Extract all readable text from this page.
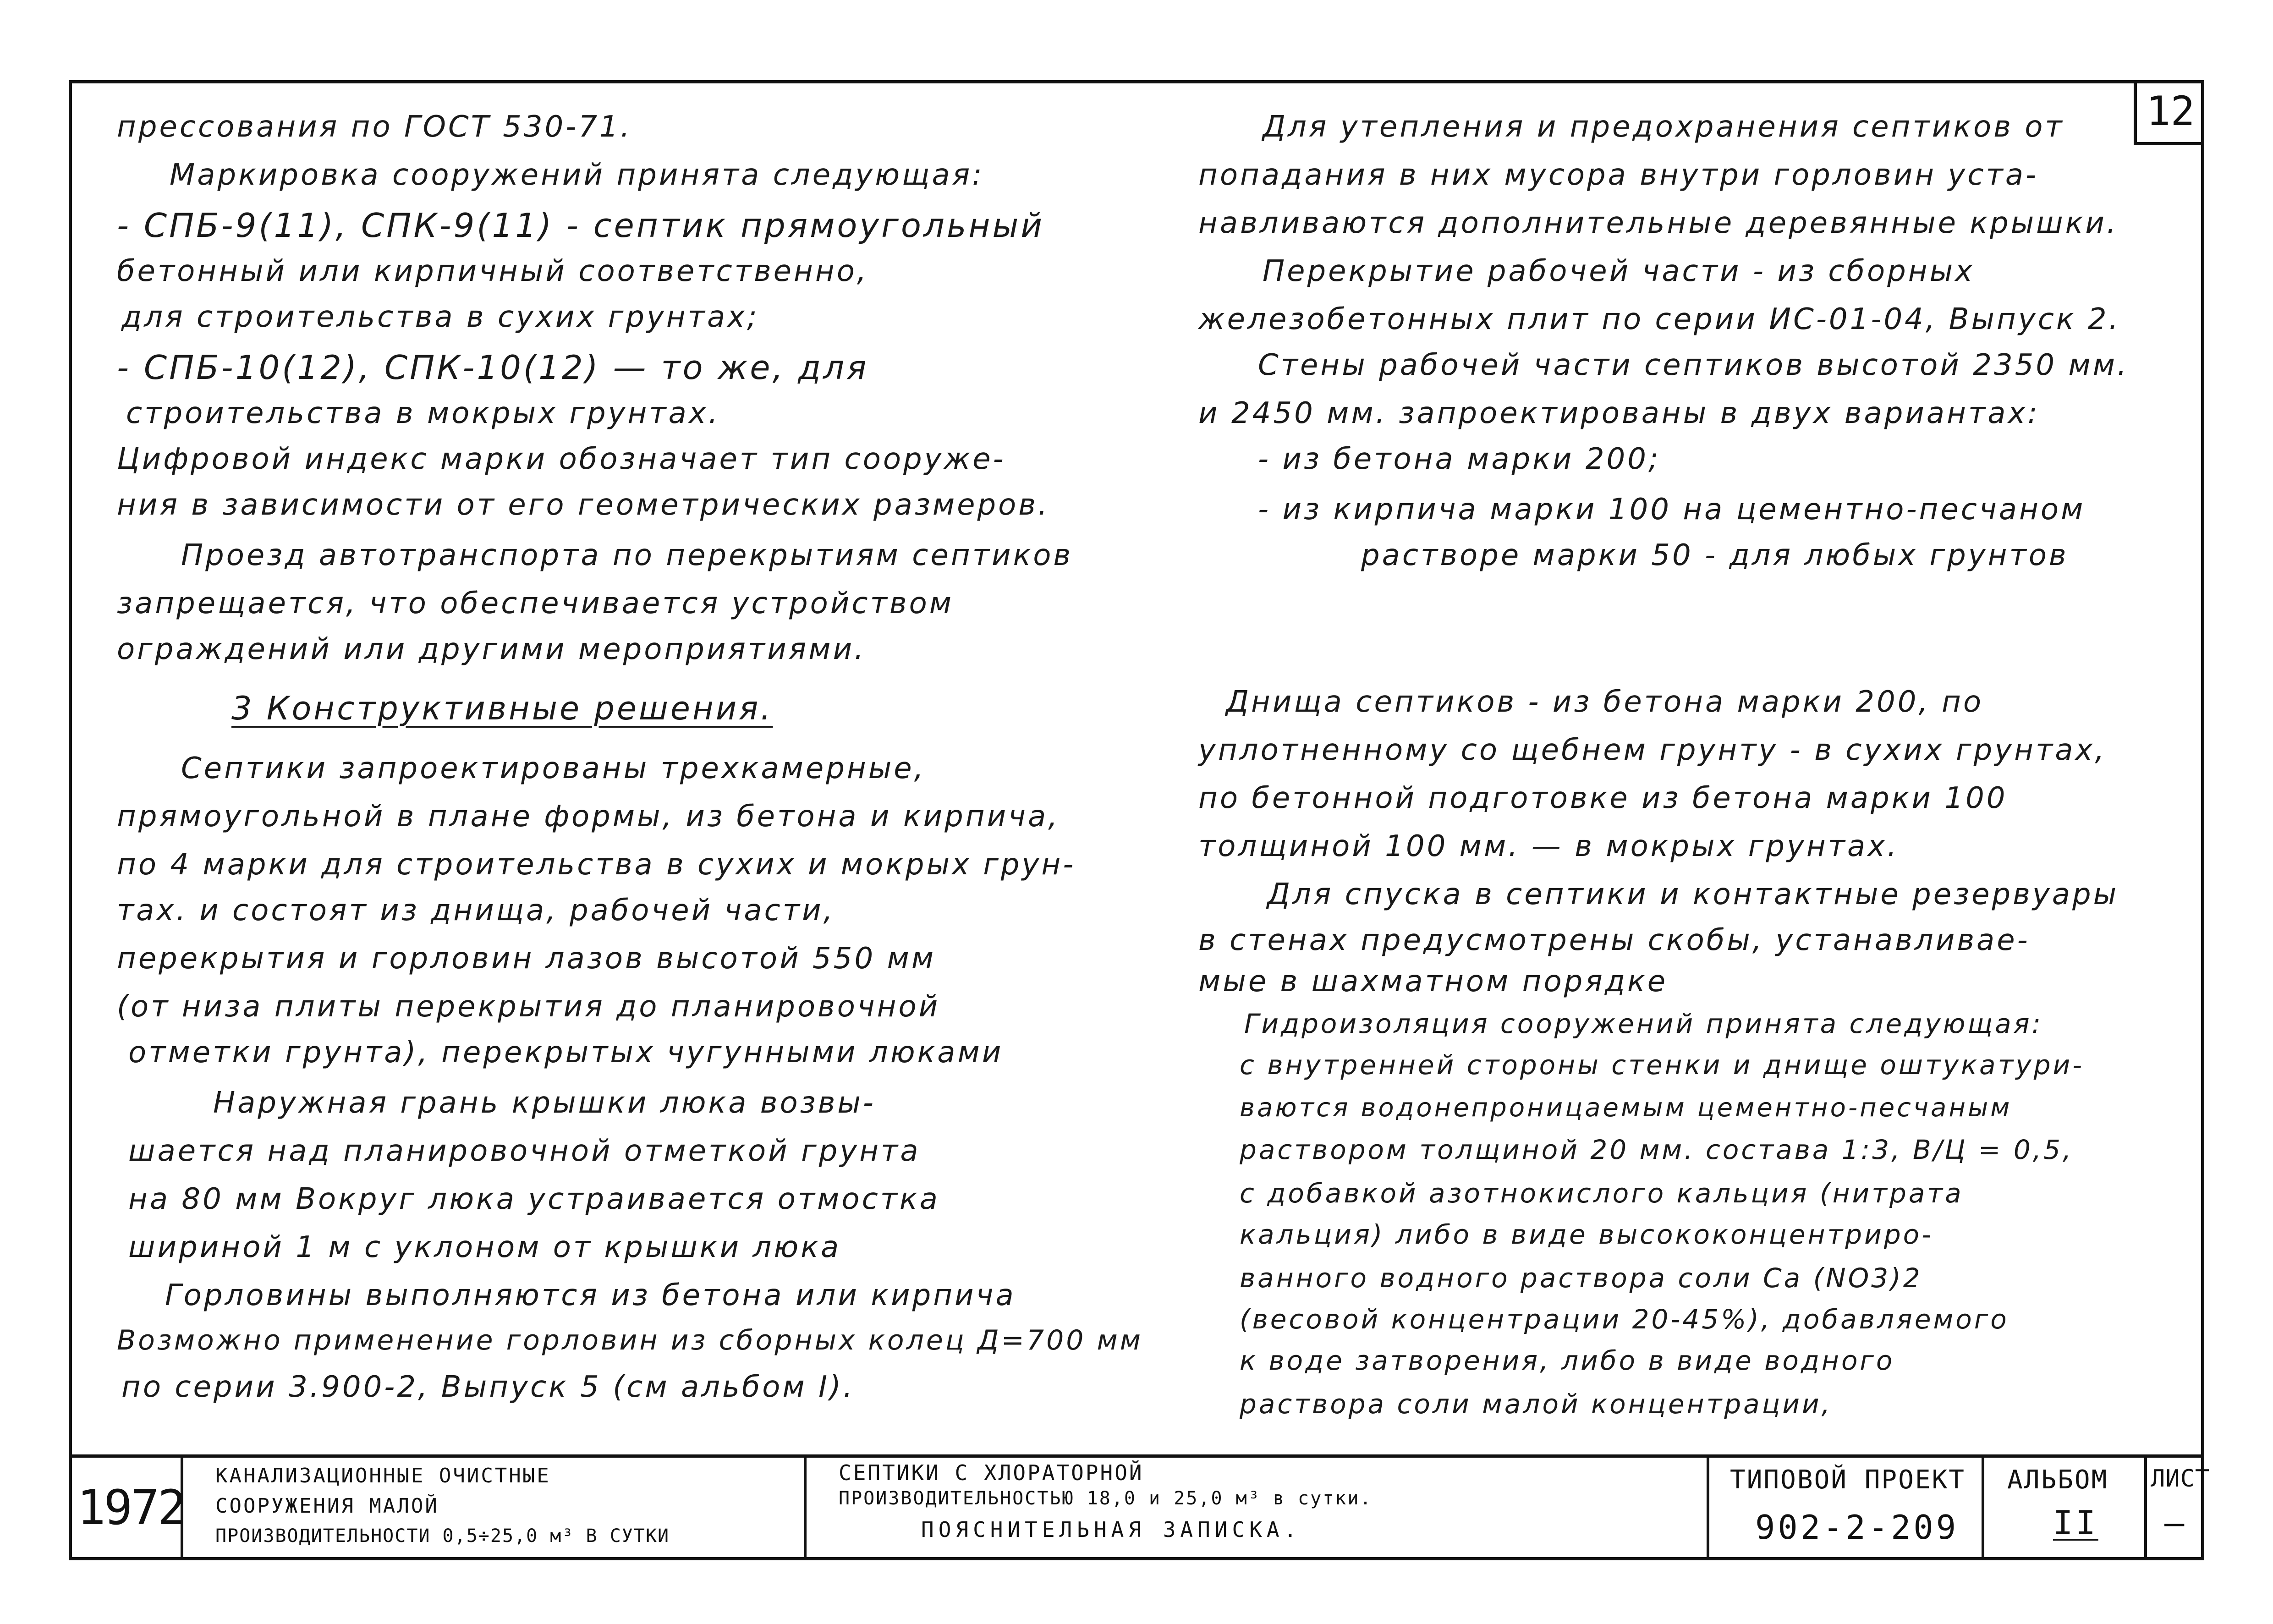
12
прессования по ГОСТ 530-71.
Маркировка сооружений принята следующая:
- СПБ-9(11), СПК-9(11) - септик прямоугольный
бетонный или кирпичный соответственно,
для строительства в сухих грунтах;
- СПБ-10(12), СПК-10(12) — то же, для
строительства в мокрых грунтах.
Цифровой индекс марки обозначает тип сооруже-
ния в зависимости от его геометрических размеров.
Проезд автотранспорта по перекрытиям септиков
запрещается, что обеспечивается устройством
ограждений или другими мероприятиями.
3 Конструктивные решения.
Септики запроектированы трехкамерные,
прямоугольной в плане формы, из бетона и кирпича,
по 4 марки для строительства в сухих и мокрых грун-
тах. и состоят из днища, рабочей части,
перекрытия и горловин лазов высотой 550 мм
(от низа плиты перекрытия до планировочной
отметки грунта), перекрытых чугунными люками
Наружная грань крышки люка возвы-
шается над планировочной отметкой грунта
на 80 мм Вокруг люка устраивается отмостка
шириной 1 м с уклоном от крышки люка
Горловины выполняются из бетона или кирпича
Возможно применение горловин из сборных колец Д=700 мм
по серии 3.900-2, Выпуск 5 (см альбом I).
Для утепления и предохранения септиков от
попадания в них мусора внутри горловин уста-
навливаются дополнительные деревянные крышки.
Перекрытие рабочей части - из сборных
железобетонных плит по серии ИС-01-04, Выпуск 2.
Стены рабочей части септиков высотой 2350 мм.
и 2450 мм. запроектированы в двух вариантах:
- из бетона марки 200;
- из кирпича марки 100 на цементно-песчаном
растворе марки 50 - для любых грунтов
Днища септиков - из бетона марки 200, по
уплотненному со щебнем грунту - в сухих грунтах,
по бетонной подготовке из бетона марки 100
толщиной 100 мм. — в мокрых грунтах.
Для спуска в септики и контактные резервуары
в стенах предусмотрены скобы, устанавливае-
мые в шахматном порядке
Гидроизоляция сооружений принята следующая:
с внутренней стороны стенки и днище оштукатури-
ваются водонепроницаемым цементно-песчаным
раствором толщиной 20 мм. состава 1:3, В/Ц = 0,5,
с добавкой азотнокислого кальция (нитрата
кальция) либо в виде высококонцентриро-
ванного водного раствора соли Ca (NO3)2
(весовой концентрации 20-45%), добавляемого
к воде затворения, либо в виде водного
раствора соли малой концентрации,
1972
КАНАЛИЗАЦИОННЫЕ ОЧИСТНЫЕ
СООРУЖЕНИЯ МАЛОЙ
ПРОИЗВОДИТЕЛЬНОСТИ 0,5÷25,0 м³ В СУТКИ
СЕПТИКИ С ХЛОРАТОРНОЙ
ПРОИЗВОДИТЕЛЬНОСТЬЮ 18,0 и 25,0 м³ в сутки.
ПОЯСНИТЕЛЬНАЯ ЗАПИСКА.
ТИПОВОЙ ПРОЕКТ
902-2-209
АЛЬБОМ
II
ЛИСТ
—
